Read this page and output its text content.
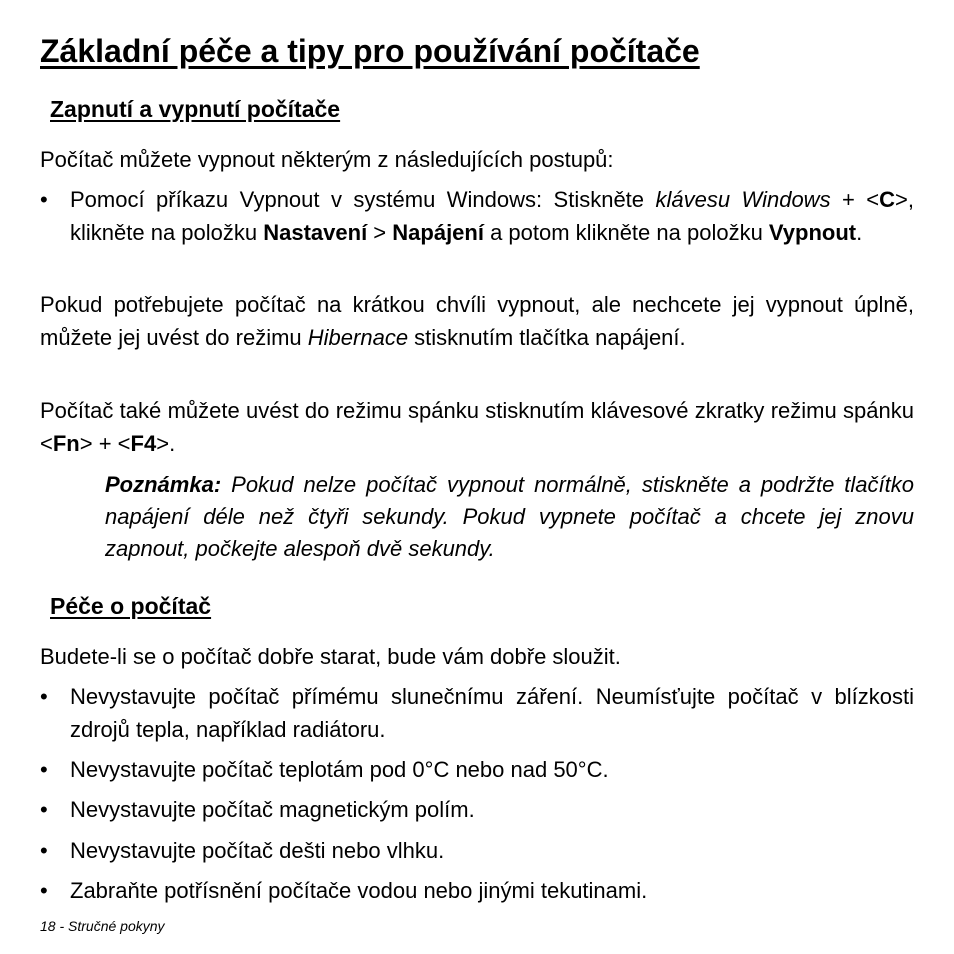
Základní péče a tipy pro používání počítače
Zapnutí a vypnutí počítače

Počítač můžete vypnout některým z následujících postupů:

•	Pomocí příkazu Vypnout v systému Windows: Stiskněte klávesu Windows + <C>, klikněte na položku Nastavení > Napájení a potom klikněte na položku Vypnout.

Pokud potřebujete počítač na krátkou chvíli vypnout, ale nechcete jej vypnout úplně, můžete jej uvést do režimu Hibernace stisknutím tlačítka napájení.

Počítač také můžete uvést do režimu spánku stisknutím klávesové zkratky režimu spánku <Fn> + <F4>.

Poznámka: Pokud nelze počítač vypnout normálně, stiskněte a podržte tlačítko napájení déle než čtyři sekundy. Pokud vypnete počítač a chcete jej znovu zapnout, počkejte alespoň dvě sekundy.
Péče o počítač

Budete-li se o počítač dobře starat, bude vám dobře sloužit.

•	Nevystavujte počítač přímému slunečnímu záření. Neumísťujte počítač v blízkosti zdrojů tepla, například radiátoru.
•	Nevystavujte počítač teplotám pod 0°C nebo nad 50°C.
•	Nevystavujte počítač magnetickým polím.
•	Nevystavujte počítač dešti nebo vlhku.
•	Zabraňte potřísnění počítače vodou nebo jinými tekutinami.
18 - Stručné pokyny
